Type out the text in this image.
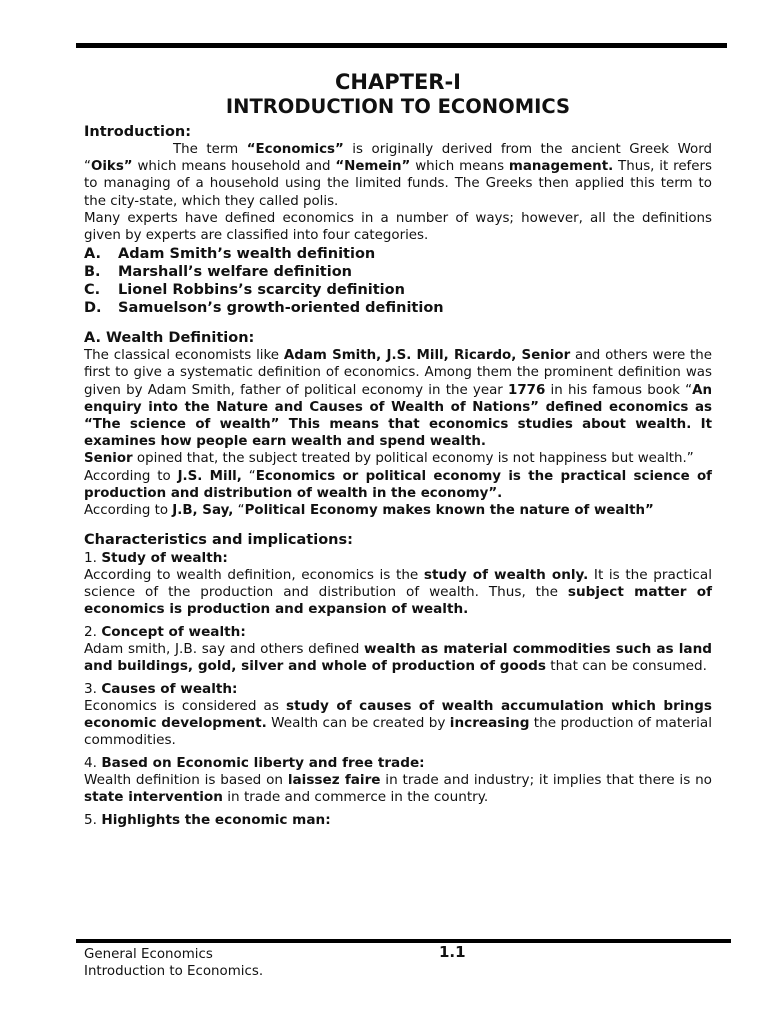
CHAPTER-I
INTRODUCTION TO ECONOMICS
Introduction:

The term “Economics” is originally derived from the ancient Greek Word “Oiks” which means household and “Nemein” which means management. Thus, it refers to managing of a household using the limited funds. The Greeks then applied this term to the city-state, which they called polis.

Many experts have defined economics in a number of ways; however, all the definitions given by experts are classified into four categories.

A. Adam Smith’s wealth definition
B. Marshall’s welfare definition
C. Lionel Robbins’s scarcity definition
D. Samuelson’s growth-oriented definition
A. Wealth Definition:

The classical economists like Adam Smith, J.S. Mill, Ricardo, Senior and others were the first to give a systematic definition of economics. Among them the prominent definition was given by Adam Smith, father of political economy in the year 1776 in his famous book “An enquiry into the Nature and Causes of Wealth of Nations” defined economics as “The science of wealth” This means that economics studies about wealth. It examines how people earn wealth and spend wealth.

Senior opined that, the subject treated by political economy is not happiness but wealth.”

According to J.S. Mill, “Economics or political economy is the practical science of production and distribution of wealth in the economy”.

According to J.B, Say, “Political Economy makes known the nature of wealth”

Characteristics and implications:
1. Study of wealth:

According to wealth definition, economics is the study of wealth only. It is the practical science of the production and distribution of wealth. Thus, the subject matter of economics is production and expansion of wealth.

2. Concept of wealth:

Adam smith, J.B. say and others defined wealth as material commodities such as land and buildings, gold, silver and whole of production of goods that can be consumed.

3. Causes of wealth:

Economics is considered as study of causes of wealth accumulation which brings economic development. Wealth can be created by increasing the production of material commodities.

4. Based on Economic liberty and free trade:

Wealth definition is based on laissez faire in trade and industry; it implies that there is no state intervention in trade and commerce in the country.

5. Highlights the economic man:
General Economics	1.1
Introduction to Economics.
